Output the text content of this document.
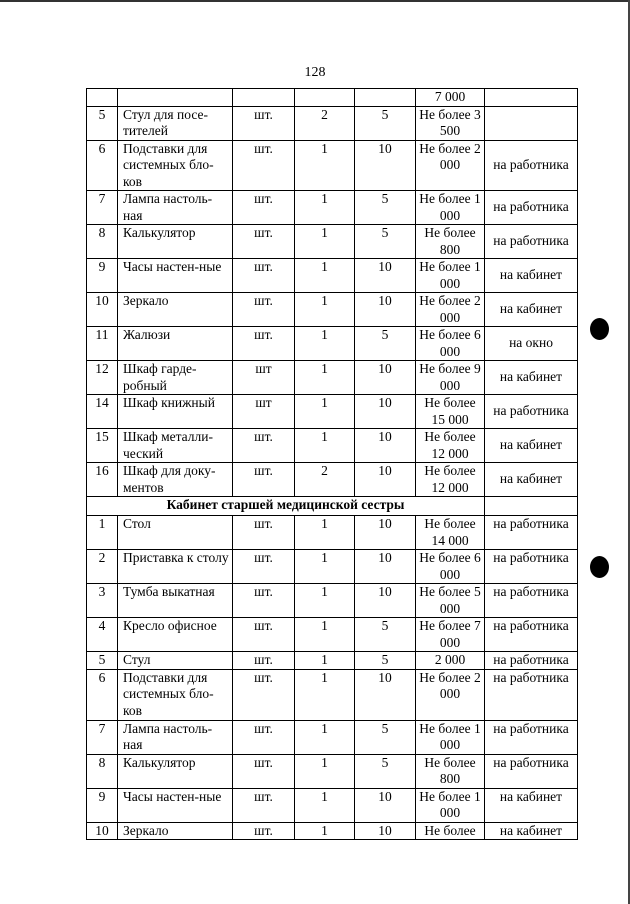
128
					7 000	
5	Стул для посе-тителей	шт.	2	5	Не более 3 500	
6	Подставки для системных бло-ков	шт.	1	10	Не более 2 000	на работника
7	Лампа настоль-ная	шт.	1	5	Не более 1 000	на работника
8	Калькулятор	шт.	1	5	Не более 800	на работника
9	Часы настен-ные	шт.	1	10	Не более 1 000	на кабинет
10	Зеркало	шт.	1	10	Не более 2 000	на кабинет
11	Жалюзи	шт.	1	5	Не более 6 000	на окно
12	Шкаф гарде-робный	шт	1	10	Не более 9 000	на кабинет
14	Шкаф книжный	шт	1	10	Не более 15 000	на работника
15	Шкаф металли-ческий	шт.	1	10	Не более 12 000	на кабинет
16	Шкаф для доку-ментов	шт.	2	10	Не более 12 000	на кабинет
Кабинет старшей медицинской сестры						
1	Стол	шт.	1	10	Не более 14 000	на работника
2	Приставка к столу	шт.	1	10	Не более 6 000	на работника
3	Тумба выкатная	шт.	1	10	Не более 5 000	на работника
4	Кресло офисное	шт.	1	5	Не более 7 000	на работника
5	Стул	шт.	1	5	2 000	на работника
6	Подставки для системных бло-ков	шт.	1	10	Не более 2 000	на работника
7	Лампа настоль-ная	шт.	1	5	Не более 1 000	на работника
8	Калькулятор	шт.	1	5	Не более 800	на работника
9	Часы настен-ные	шт.	1	10	Не более 1 000	на кабинет
10	Зеркало	шт.	1	10	Не более	на кабинет
